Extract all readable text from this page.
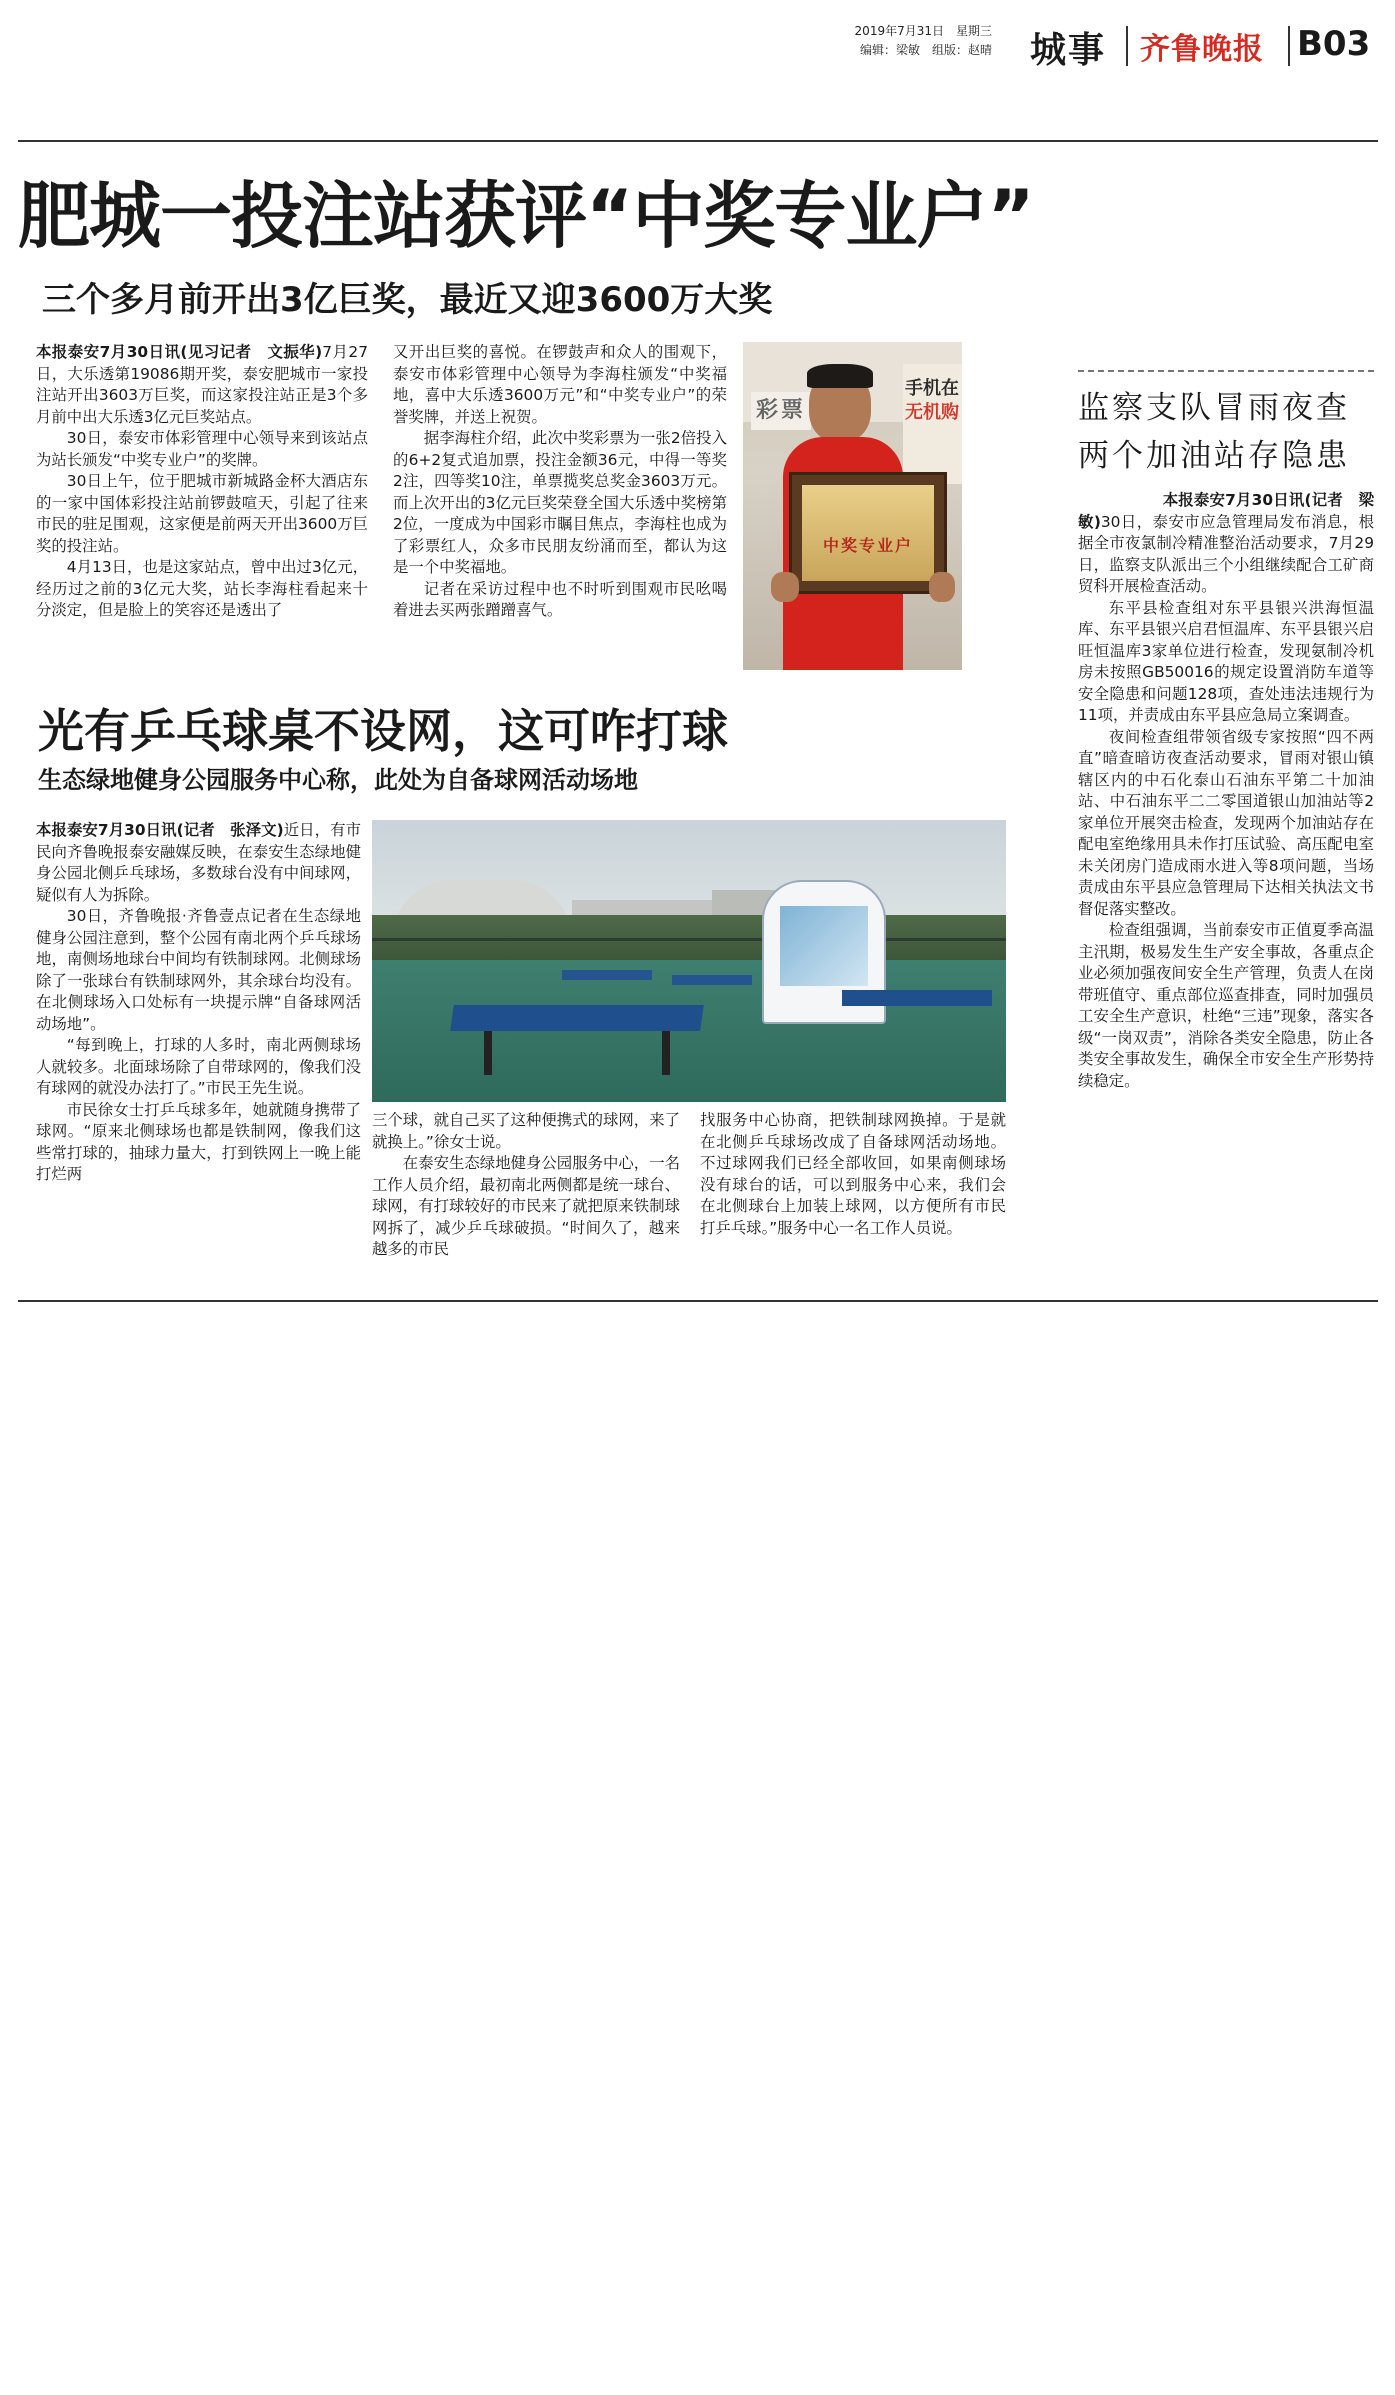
2019年7月31日　星期三
编辑：梁敏　组版：赵晴 城事 齐鲁晚报 B03
肥城一投注站获评“中奖专业户”
三个多月前开出3亿巨奖，最近又迎3600万大奖

本报泰安7月30日讯(见习记者　文振华)7月27日，大乐透第19086期开奖，泰安肥城市一家投注站开出3603万巨奖，而这家投注站正是3个多月前中出大乐透3亿元巨奖站点。

30日，泰安市体彩管理中心领导来到该站点为站长颁发“中奖专业户”的奖牌。

30日上午，位于肥城市新城路金杯大酒店东的一家中国体彩投注站前锣鼓喧天，引起了往来市民的驻足围观，这家便是前两天开出3600万巨奖的投注站。

4月13日，也是这家站点，曾中出过3亿元，经历过之前的3亿元大奖，站长李海柱看起来十分淡定，但是脸上的笑容还是透出了

又开出巨奖的喜悦。在锣鼓声和众人的围观下，泰安市体彩管理中心领导为李海柱颁发“中奖福地，喜中大乐透3600万元”和“中奖专业户”的荣誉奖牌，并送上祝贺。

据李海柱介绍，此次中奖彩票为一张2倍投入的6+2复式追加票，投注金额36元，中得一等奖2注，四等奖10注，单票揽奖总奖金3603万元。而上次开出的3亿元巨奖荣登全国大乐透中奖榜第2位，一度成为中国彩市瞩目焦点，李海柱也成为了彩票红人，众多市民朋友纷涌而至，都认为这是一个中奖福地。

记者在采访过程中也不时听到围观市民吆喝着进去买两张蹭蹭喜气。

彩票
手机在
无机购
中奖专业户
光有乒乓球桌不设网，这可咋打球
生态绿地健身公园服务中心称，此处为自备球网活动场地

本报泰安7月30日讯(记者　张泽文)近日，有市民向齐鲁晚报泰安融媒反映，在泰安生态绿地健身公园北侧乒乓球场，多数球台没有中间球网，疑似有人为拆除。

30日，齐鲁晚报·齐鲁壹点记者在生态绿地健身公园注意到，整个公园有南北两个乒乓球场地，南侧场地球台中间均有铁制球网。北侧球场除了一张球台有铁制球网外，其余球台均没有。在北侧球场入口处标有一块提示牌“自备球网活动场地”。

“每到晚上，打球的人多时，南北两侧球场人就较多。北面球场除了自带球网的，像我们没有球网的就没办法打了。”市民王先生说。

市民徐女士打乒乓球多年，她就随身携带了球网。“原来北侧球场也都是铁制网，像我们这些常打球的，抽球力量大，打到铁网上一晚上能打烂两

三个球，就自己买了这种便携式的球网，来了就换上。”徐女士说。

在泰安生态绿地健身公园服务中心，一名工作人员介绍，最初南北两侧都是统一球台、球网，有打球较好的市民来了就把原来铁制球网拆了，减少乒乓球破损。“时间久了，越来越多的市民

找服务中心协商，把铁制球网换掉。于是就在北侧乒乓球场改成了自备球网活动场地。不过球网我们已经全部收回，如果南侧球场没有球台的话，可以到服务中心来，我们会在北侧球台上加装上球网，以方便所有市民打乒乓球。”服务中心一名工作人员说。

监察支队冒雨夜查
两个加油站存隐患

本报泰安7月30日讯(记者　梁敏)30日，泰安市应急管理局发布消息，根据全市夜氯制冷精准整治活动要求，7月29日，监察支队派出三个小组继续配合工矿商贸科开展检查活动。

东平县检查组对东平县银兴洪海恒温库、东平县银兴启君恒温库、东平县银兴启旺恒温库3家单位进行检查，发现氨制冷机房未按照GB50016的规定设置消防车道等安全隐患和问题128项，查处违法违规行为11项，并责成由东平县应急局立案调查。

夜间检查组带领省级专家按照“四不两直”暗查暗访夜查活动要求，冒雨对银山镇辖区内的中石化泰山石油东平第二十加油站、中石油东平二二零国道银山加油站等2家单位开展突击检查，发现两个加油站存在配电室绝缘用具未作打压试验、高压配电室未关闭房门造成雨水进入等8项问题，当场责成由东平县应急管理局下达相关执法文书督促落实整改。

检查组强调，当前泰安市正值夏季高温主汛期，极易发生生产安全事故，各重点企业必须加强夜间安全生产管理，负责人在岗带班值守、重点部位巡查排查，同时加强员工安全生产意识，杜绝“三违”现象，落实各级“一岗双责”，消除各类安全隐患，防止各类安全事故发生，确保全市安全生产形势持续稳定。
